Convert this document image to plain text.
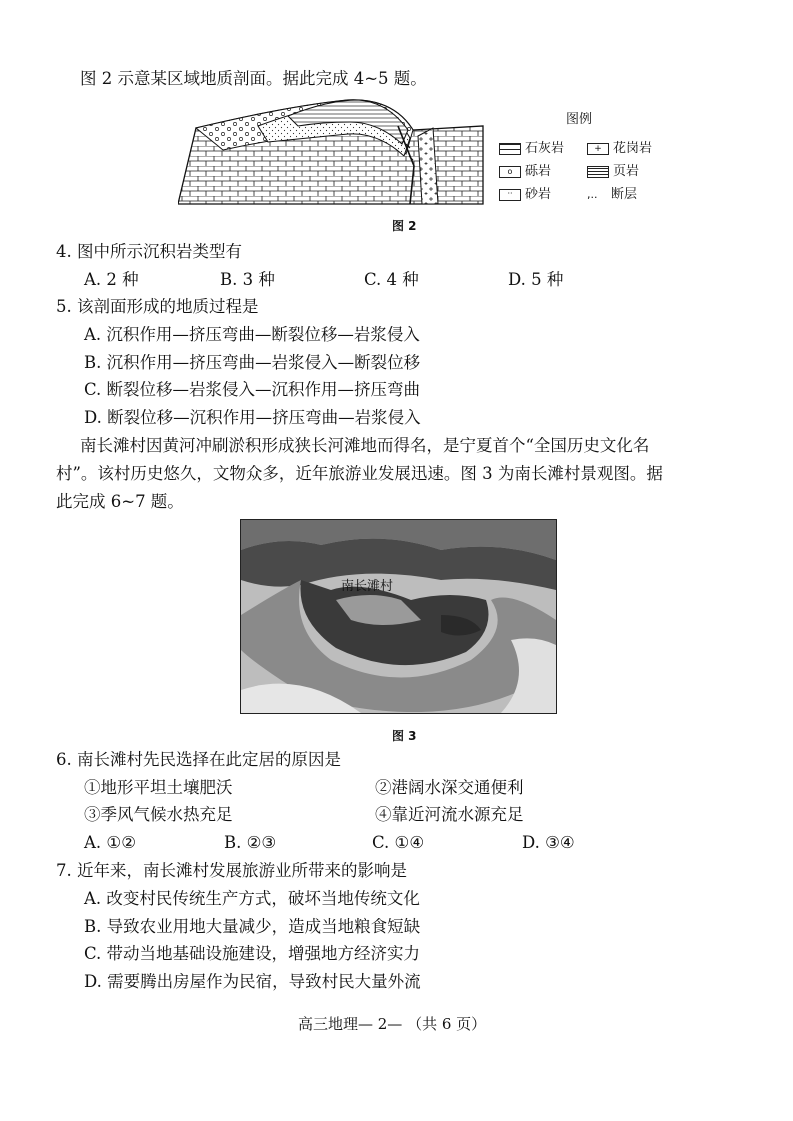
图 2 示意某区域地质剖面。据此完成 4~5 题。
图例
石灰岩	+ 花岗岩
o 砾岩	页岩
·· 砂岩	,.. 断层
图 2
4. 图中所示沉积岩类型有
A. 2 种	B. 3 种	C. 4 种	D. 5 种
5. 该剖面形成的地质过程是
A. 沉积作用—挤压弯曲—断裂位移—岩浆侵入
B. 沉积作用—挤压弯曲—岩浆侵入—断裂位移
C. 断裂位移—岩浆侵入—沉积作用—挤压弯曲
D. 断裂位移—沉积作用—挤压弯曲—岩浆侵入
南长滩村因黄河冲刷淤积形成狭长河滩地而得名，是宁夏首个“全国历史文化名
村”。该村历史悠久，文物众多，近年旅游业发展迅速。图 3 为南长滩村景观图。据
此完成 6~7 题。
南长滩村
图 3
6. 南长滩村先民选择在此定居的原因是
①地形平坦土壤肥沃	②港阔水深交通便利
③季风气候水热充足	④靠近河流水源充足
A. ①②	B. ②③	C. ①④	D. ③④
7. 近年来，南长滩村发展旅游业所带来的影响是
A. 改变村民传统生产方式，破坏当地传统文化
B. 导致农业用地大量减少，造成当地粮食短缺
C. 带动当地基础设施建设，增强地方经济实力
D. 需要腾出房屋作为民宿，导致村民大量外流
高三地理— 2— （共 6 页）
